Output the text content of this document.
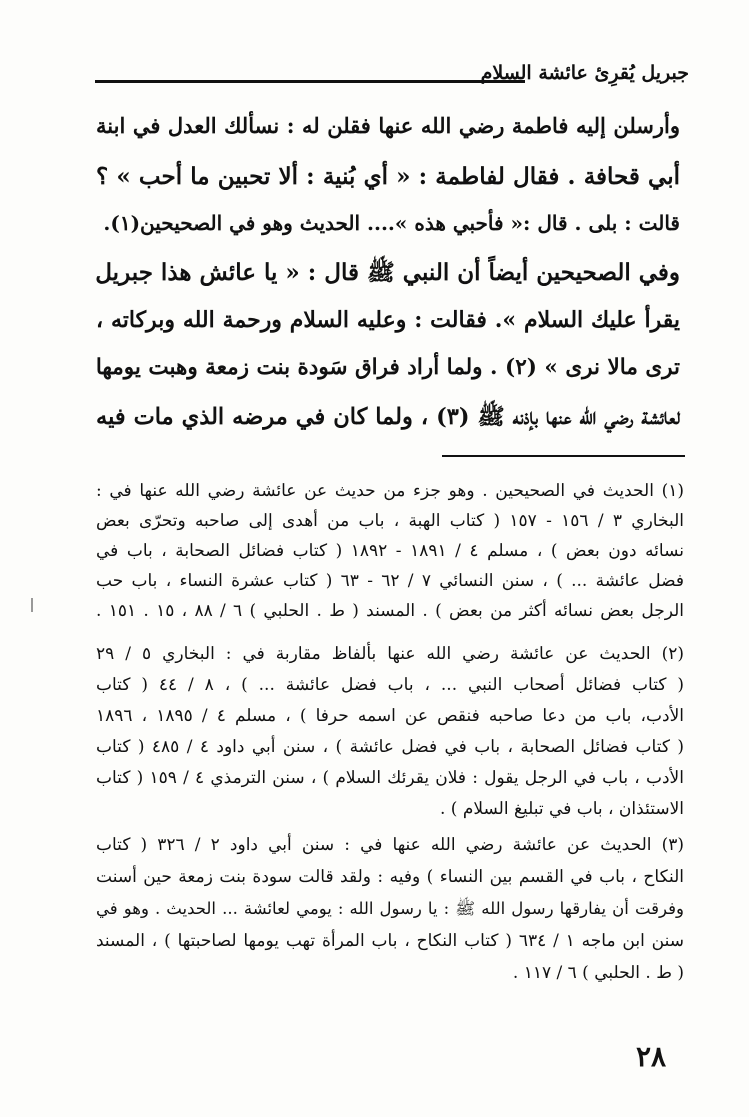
جبريل يُقرِئ عائشة السلام
وأرسلن إليه فاطمة رضي الله عنها فقلن له : نسألك العدل في ابنة
أبي قحافة . فقال لفاطمة : « أي بُنية : ألا تحبين ما أحب » ؟
قالت : بلى . قال :« فأحبي هذه ».... الحديث وهو في الصحيحين(١).
وفي الصحيحين أيضاً أن النبي ﷺ قال : « يا عائش هذا جبريل
يقرأ عليك السلام ». فقالت : وعليه السلام ورحمة الله وبركاته ،
ترى مالا نرى » (٢) . ولما أراد فراق سَودة بنت زمعة وهبت يومها
لعائشة رضي الله عنها بإذنه ﷺ (٣) ، ولما كان في مرضه الذي مات فيه
(١) الحديث في الصحيحين . وهو جزء من حديث عن عائشة رضي الله عنها في :
البخاري ٣ / ١٥٦ - ١٥٧ ( كتاب الهبة ، باب من أهدى إلى صاحبه وتحرّى بعض
نسائه دون بعض ) ، مسلم ٤ / ١٨٩١ - ١٨٩٢ ( كتاب فضائل الصحابة ، باب في
فضل عائشة ... ) ، سنن النسائي ٧ / ٦٢ - ٦٣ ( كتاب عشرة النساء ، باب حب
الرجل بعض نسائه أكثر من بعض ) . المسند ( ط . الحلبي ) ٦ / ٨٨ ، ١٥ . ١٥١ .
(٢) الحديث عن عائشة رضي الله عنها بألفاظ مقاربة في : البخاري ٥ / ٢٩
( كتاب فضائل أصحاب النبي ... ، باب فضل عائشة ... ) ، ٨ / ٤٤ ( كتاب
الأدب، باب من دعا صاحبه فنقص عن اسمه حرفا ) ، مسلم ٤ / ١٨٩٥ ، ١٨٩٦
( كتاب فضائل الصحابة ، باب في فضل عائشة ) ، سنن أبي داود ٤ / ٤٨٥ ( كتاب
الأدب ، باب في الرجل يقول : فلان يقرئك السلام ) ، سنن الترمذي ٤ / ١٥٩ ( كتاب
الاستئذان ، باب في تبليغ السلام ) .
(٣) الحديث عن عائشة رضي الله عنها في : سنن أبي داود ٢ / ٣٢٦ ( كتاب
النكاح ، باب في القسم بين النساء ) وفيه : ولقد قالت سودة بنت زمعة حين أسنت
وفرقت أن يفارقها رسول الله ﷺ : يا رسول الله : يومي لعائشة ... الحديث . وهو في
سنن ابن ماجه ١ / ٦٣٤ ( كتاب النكاح ، باب المرأة تهب يومها لصاحبتها ) ، المسند
( ط . الحلبي ) ٦ / ١١٧ .
٢٨
